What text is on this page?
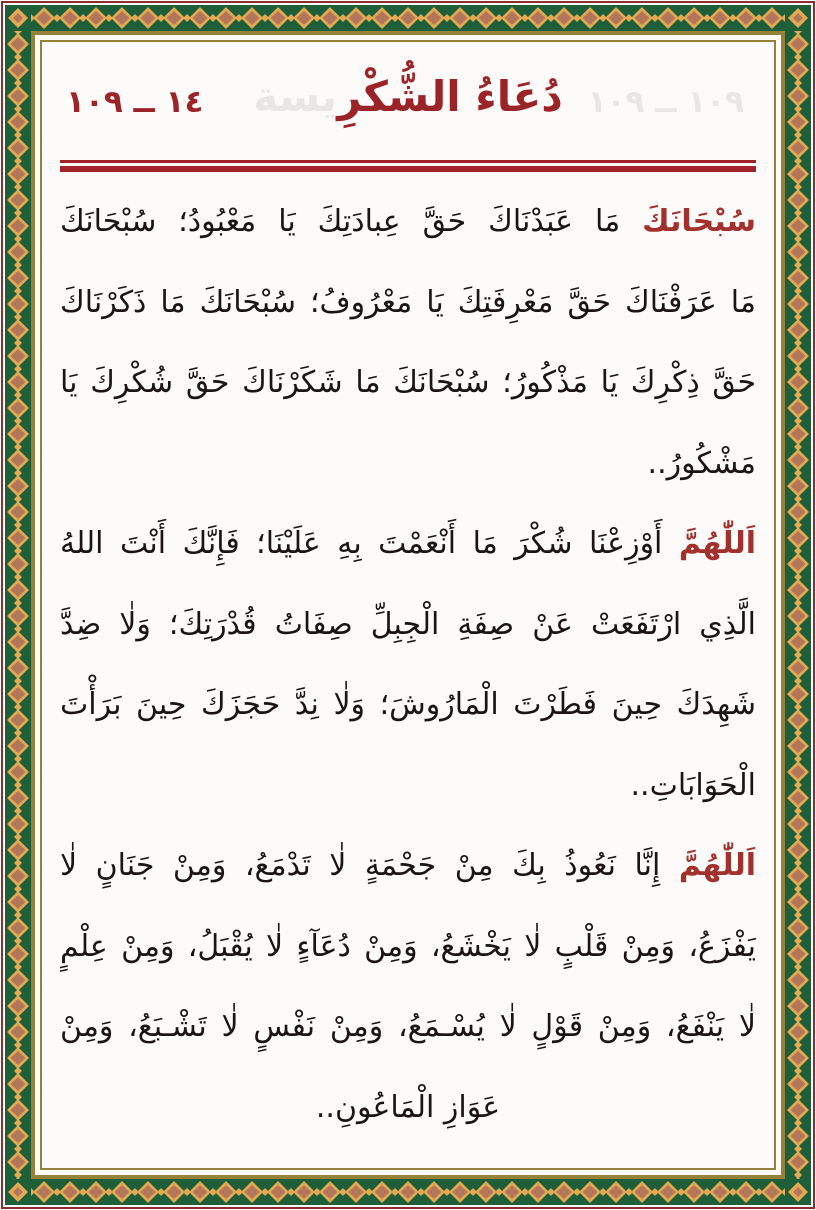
١٠٩ ــ ١٠٩
دُعَاءُ الشُّكْرِيسة
١٤ ــ ١٠٩
سُبْحَانَكَ مَا عَبَدْنَاكَ حَقَّ عِبادَتِكَ يَا مَعْبُودُ؛ سُبْحَانَكَ
مَا عَرَفْنَاكَ حَقَّ مَعْرِفَتِكَ يَا مَعْرُوفُ؛ سُبْحَانَكَ مَا ذَكَرْنَاكَ
حَقَّ ذِكْرِكَ يَا مَذْكُورُ؛ سُبْحَانَكَ مَا شَكَرْنَاكَ حَقَّ شُكْرِكَ يَا
مَشْكُورُ..
اَللّٰهُمَّ أَوْزِعْنَا شُكْرَ مَا أَنْعَمْتَ بِهِ عَلَيْنَا؛ فَإِنَّكَ أَنْتَ اللهُ
الَّذِي ارْتَفَعَتْ عَنْ صِفَةِ الْجِبِلِّ صِفَاتُ قُدْرَتِكَ؛ وَلٰا ضِدَّ
شَهِدَكَ حِينَ فَطَرْتَ الْمَارُوشَ؛ وَلٰا نِدَّ حَجَزَكَ حِينَ بَرَأْتَ
الْحَوَابَاتِ..
اَللّٰهُمَّ إِنَّا نَعُوذُ بِكَ مِنْ جَحْمَةٍ لٰا تَدْمَعُ، وَمِنْ جَنَانٍ لٰا
يَفْزَعُ، وَمِنْ قَلْبٍ لٰا يَخْشَعُ، وَمِنْ دُعَآءٍ لٰا يُقْبَلُ، وَمِنْ عِلْمٍ
لٰا يَنْفَعُ، وَمِنْ قَوْلٍ لٰا يُسْـمَعُ، وَمِنْ نَفْسٍ لٰا تَشْـبَعُ، وَمِنْ
عَوَازِ الْمَاعُونِ..
